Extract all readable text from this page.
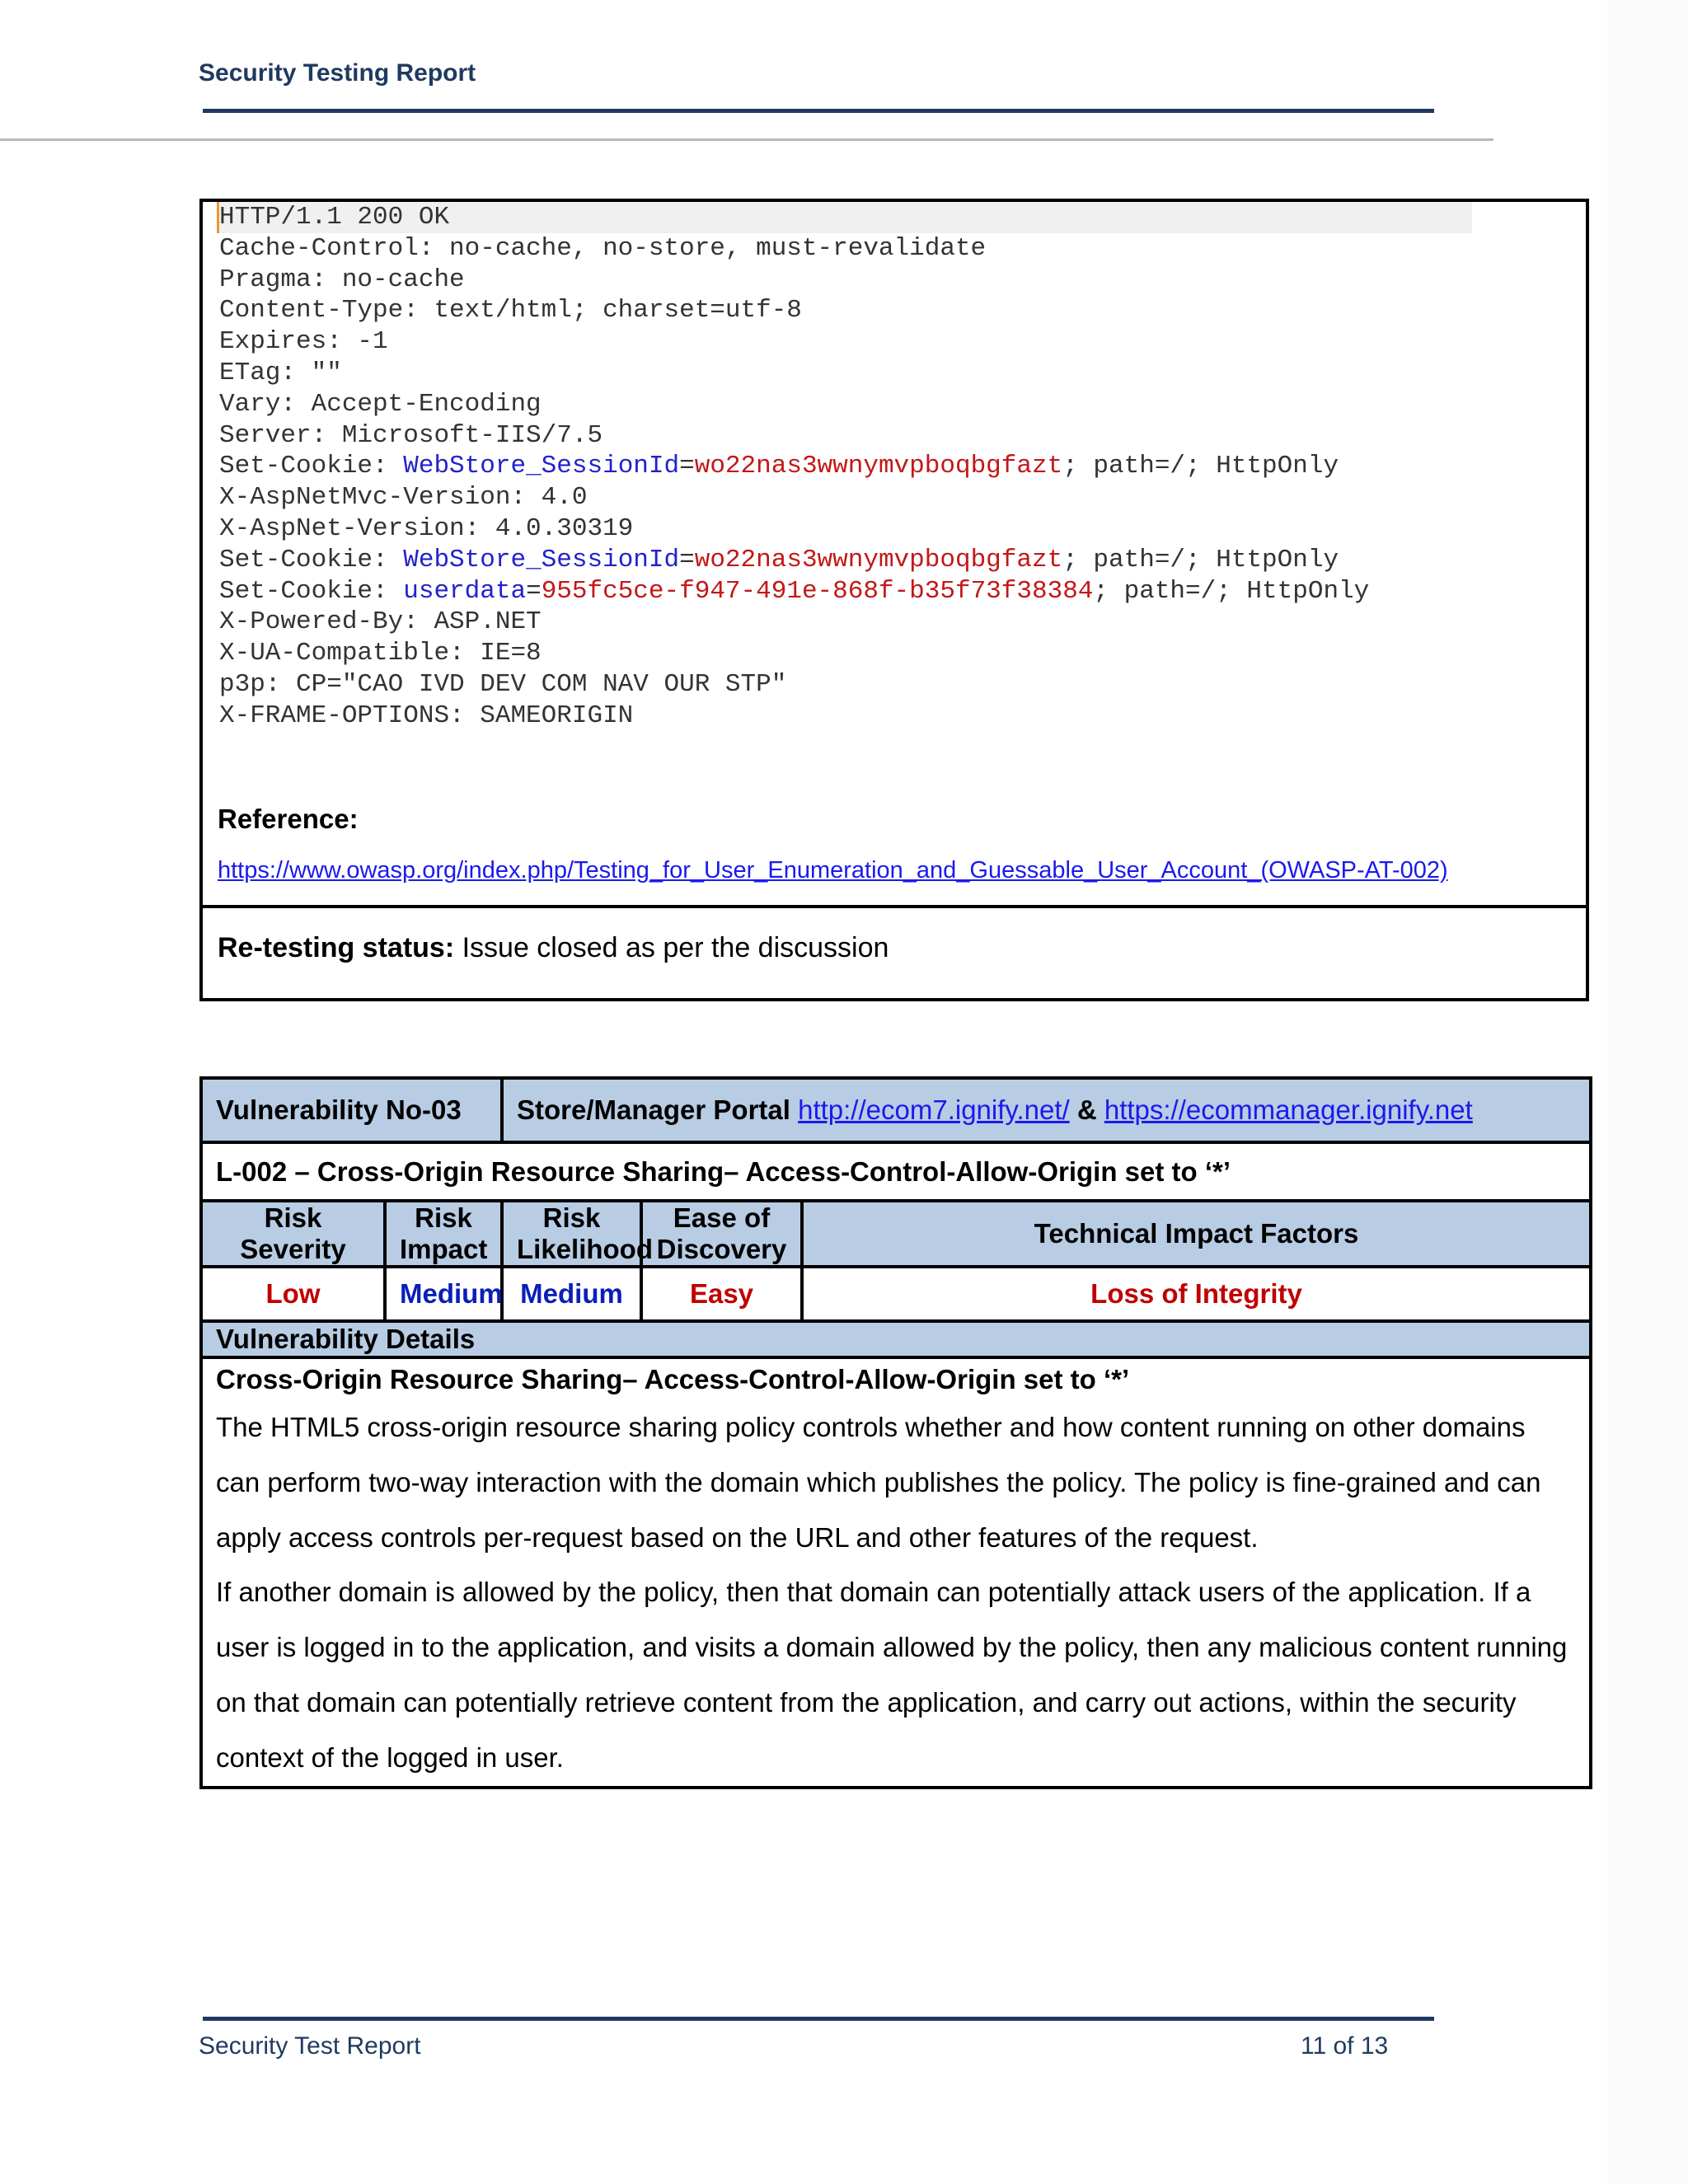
Security Testing Report
HTTP/1.1 200 OK
Cache-Control: no-cache, no-store, must-revalidate
Pragma: no-cache
Content-Type: text/html; charset=utf-8
Expires: -1
ETag: ""
Vary: Accept-Encoding
Server: Microsoft-IIS/7.5
Set-Cookie: WebStore_SessionId=wo22nas3wwnymvpboqbgfazt; path=/; HttpOnly
X-AspNetMvc-Version: 4.0
X-AspNet-Version: 4.0.30319
Set-Cookie: WebStore_SessionId=wo22nas3wwnymvpboqbgfazt; path=/; HttpOnly
Set-Cookie: userdata=955fc5ce-f947-491e-868f-b35f73f38384; path=/; HttpOnly
X-Powered-By: ASP.NET
X-UA-Compatible: IE=8
p3p: CP="CAO IVD DEV COM NAV OUR STP"
X-FRAME-OPTIONS: SAMEORIGIN
Reference:
https://www.owasp.org/index.php/Testing_for_User_Enumeration_and_Guessable_User_Account_(OWASP-AT-002)
Re-testing status: Issue closed as per the discussion
Vulnerability No-03		Store/Manager Portal http://ecom7.ignify.net/ & https://ecommanager.ignify.net		
L-002 – Cross-Origin Resource Sharing– Access-Control-Allow-Origin set to ‘*’				
Risk Severity	Risk Impact	Risk Likelihood	Ease of Discovery	Technical Impact Factors
Low	Medium	Medium	Easy	Loss of Integrity
Vulnerability Details				

Cross-Origin Resource Sharing– Access-Control-Allow-Origin set to ‘*’
The HTML5 cross-origin resource sharing policy controls whether and how content running on other domains can perform two-way interaction with the domain which publishes the policy. The policy is fine-grained and can apply access controls per-request based on the URL and other features of the request.
If another domain is allowed by the policy, then that domain can potentially attack users of the application. If a user is logged in to the application, and visits a domain allowed by the policy, then any malicious content running on that domain can potentially retrieve content from the application, and carry out actions, within the security context of the logged in user.				
Security Test Report	11 of 13
